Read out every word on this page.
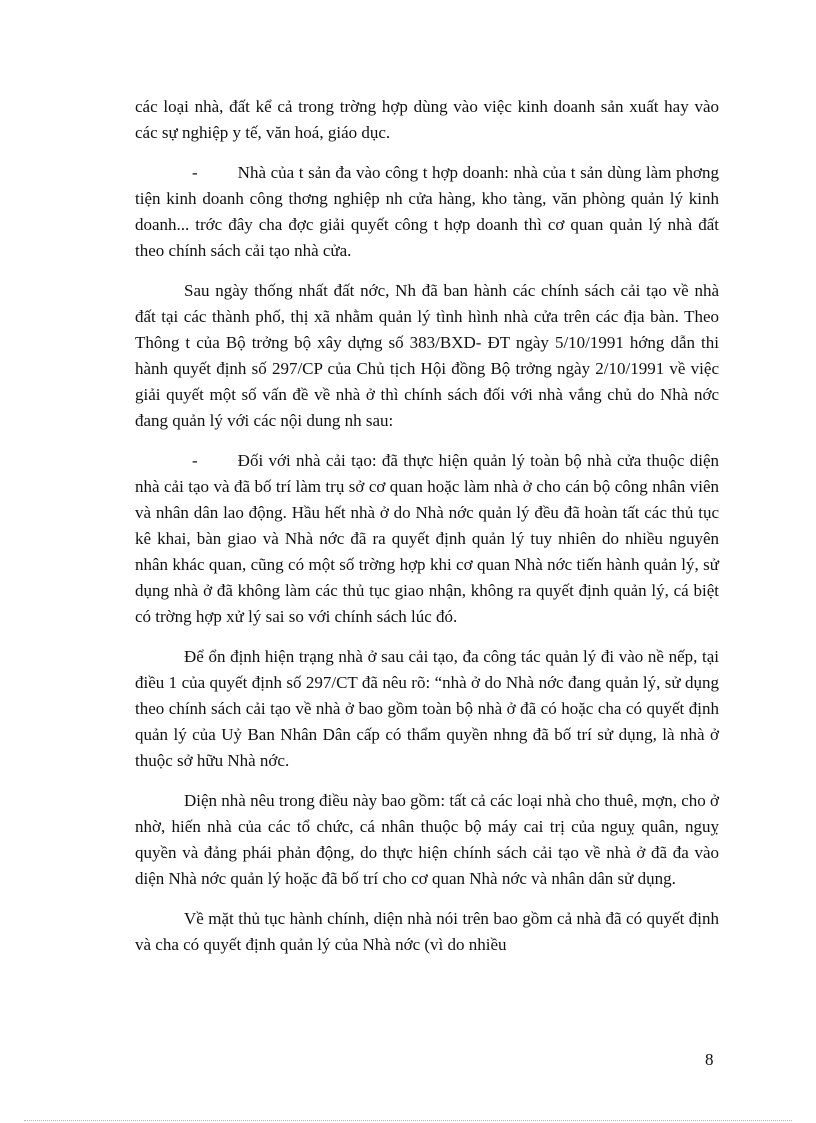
các loại nhà, đất kể cả trong trờng hợp dùng vào việc kinh doanh sản xuất hay vào các sự nghiệp y tế, văn hoá, giáo dục.

- Nhà của t sản đa vào công t hợp doanh: nhà của t sản dùng làm phơng tiện kinh doanh công thơng nghiệp nh cửa hàng, kho tàng, văn phòng quản lý kinh doanh... trớc đây cha đợc giải quyết công t hợp doanh thì cơ quan quản lý nhà đất theo chính sách cải tạo nhà cửa.

Sau ngày thống nhất đất nớc, Nh đã ban hành các chính sách cải tạo về nhà đất tại các thành phố, thị xã nhằm quản lý tình hình nhà cửa trên các địa bàn. Theo Thông t của Bộ trởng bộ xây dựng số 383/BXD- ĐT ngày 5/10/1991 hớng dẫn thi hành quyết định số 297/CP của Chủ tịch Hội đồng Bộ trởng ngày 2/10/1991 về việc giải quyết một số vấn đề về nhà ở thì chính sách đối với nhà vắng chủ do Nhà nớc đang quản lý với các nội dung nh sau:

- Đối với nhà cải tạo: đã thực hiện quản lý toàn bộ nhà cửa thuộc diện nhà cải tạo và đã bố trí làm trụ sở cơ quan hoặc làm nhà ở cho cán bộ công nhân viên và nhân dân lao động. Hầu hết nhà ở do Nhà nớc quản lý đều đã hoàn tất các thủ tục kê khai, bàn giao và Nhà nớc đã ra quyết định quản lý tuy nhiên do nhiều nguyên nhân khác quan, cũng có một số trờng hợp khi cơ quan Nhà nớc tiến hành quản lý, sử dụng nhà ở đã không làm các thủ tục giao nhận, không ra quyết định quản lý, cá biệt có trờng hợp xử lý sai so với chính sách lúc đó.

Để ổn định hiện trạng nhà ở sau cải tạo, đa công tác quản lý đi vào nề nếp, tại điều 1 của quyết định số 297/CT đã nêu rõ: “nhà ở do Nhà nớc đang quản lý, sử dụng theo chính sách cải tạo về nhà ở bao gồm toàn bộ nhà ở đã có hoặc cha có quyết định quản lý của Uỷ Ban Nhân Dân cấp có thẩm quyền nhng đã bố trí sử dụng, là nhà ở thuộc sở hữu Nhà nớc.

Diện nhà nêu trong điều này bao gồm: tất cả các loại nhà cho thuê, mợn, cho ở nhờ, hiến nhà của các tổ chức, cá nhân thuộc bộ máy cai trị của nguỵ quân, nguỵ quyền và đảng phái phản động, do thực hiện chính sách cải tạo về nhà ở đã đa vào diện Nhà nớc quản lý hoặc đã bố trí cho cơ quan Nhà nớc và nhân dân sử dụng.

Về mặt thủ tục hành chính, diện nhà nói trên bao gồm cả nhà đã có quyết định và cha có quyết định quản lý của Nhà nớc (vì do nhiều

8
